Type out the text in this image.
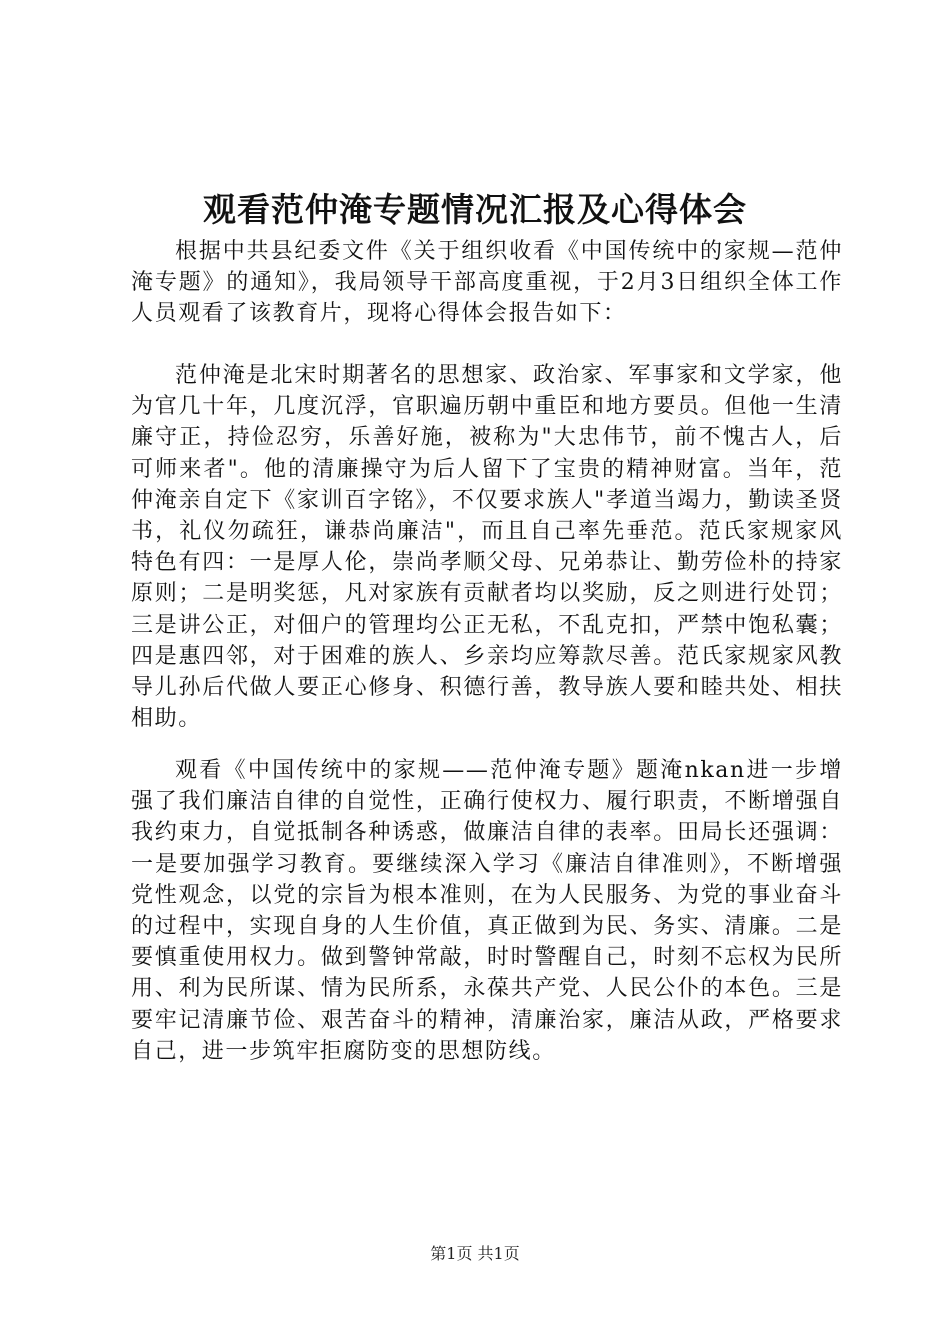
观看范仲淹专题情况汇报及心得体会

根据中共县纪委文件《关于组织收看《中国传统中的家规—范仲淹专题》的通知》，我局领导干部高度重视，于2月3日组织全体工作人员观看了该教育片，现将心得体会报告如下：

范仲淹是北宋时期著名的思想家、政治家、军事家和文学家，他为官几十年，几度沉浮，官职遍历朝中重臣和地方要员。但他一生清廉守正，持俭忍穷，乐善好施，被称为"大忠伟节，前不愧古人，后可师来者"。他的清廉操守为后人留下了宝贵的精神财富。当年，范仲淹亲自定下《家训百字铭》，不仅要求族人"孝道当竭力，勤读圣贤书，礼仪勿疏狂，谦恭尚廉洁"，而且自己率先垂范。范氏家规家风特色有四：一是厚人伦，崇尚孝顺父母、兄弟恭让、勤劳俭朴的持家原则；二是明奖惩，凡对家族有贡献者均以奖励，反之则进行处罚；三是讲公正，对佃户的管理均公正无私，不乱克扣，严禁中饱私囊；四是惠四邻，对于困难的族人、乡亲均应筹款尽善。范氏家规家风教导儿孙后代做人要正心修身、积德行善，教导族人要和睦共处、相扶相助。

观看《中国传统中的家规——范仲淹专题》题淹nkan进一步增强了我们廉洁自律的自觉性，正确行使权力、履行职责，不断增强自我约束力，自觉抵制各种诱惑，做廉洁自律的表率。田局长还强调：一是要加强学习教育。要继续深入学习《廉洁自律准则》，不断增强党性观念，以党的宗旨为根本准则，在为人民服务、为党的事业奋斗的过程中，实现自身的人生价值，真正做到为民、务实、清廉。二是要慎重使用权力。做到警钟常敲，时时警醒自己，时刻不忘权为民所用、利为民所谋、情为民所系，永葆共产党、人民公仆的本色。三是要牢记清廉节俭、艰苦奋斗的精神，清廉治家，廉洁从政，严格要求自己，进一步筑牢拒腐防变的思想防线。

第1页 共1页
